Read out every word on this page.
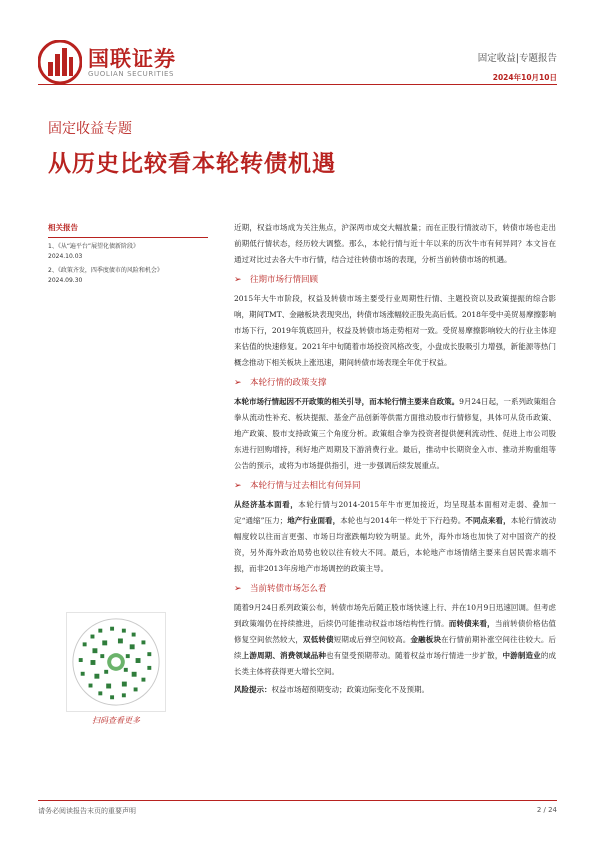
国联证券
GUOLIAN SECURITIES
固定收益|专题报告
2024年10月10日
固定收益专题
从历史比较看本轮转债机遇
相关报告
1、《从“遍平台”展望化债新阶段》
2024.10.03
2、《政策齐发，四季度债市的风险和机会》
2024.09.30
扫码查看更多

近期，权益市场成为关注焦点，沪深两市成交大幅放量；而在正股行情波动下，转债市场也走出前期低行情状态，经历较大调整。那么，本轮行情与近十年以来的历次牛市有何异同？本文旨在通过对比过去各大牛市行情，结合过往转债市场的表现，分析当前转债市场的机遇。

➢ 往期市场行情回顾

2015年大牛市阶段，权益及转债市场主要受行业周期性行情、主题投资以及政策提振的综合影响，期间TMT、金融板块表现突出，转债市场涨幅较正股先高后低。2018年受中美贸易摩擦影响市场下行，2019年筑底回升，权益及转债市场走势相对一致。受贸易摩擦影响较大的行业主体迎来估值的快速修复。2021年中旬随着市场投资风格改变，小盘成长股吸引力增强，新能源等热门概念推动下相关板块上涨迅速，期间转债市场表现全年优于权益。

➢ 本轮行情的政策支撑

本轮市场行情起因不开政策的相关引导，而本轮行情主要来自政策。9月24日起，一系列政策组合拳从流动性补充、板块提振、基金产品创新等供需方面推动股市行情修复，具体可从货币政策、地产政策、股市支持政策三个角度分析。政策组合拳为投资者提供便利流动性、促进上市公司股东进行回购增持，利好地产周期及下游消费行业。最后，推动中长期资金入市、推动并购重组等公告的预示，或将为市场提供指引，进一步强调后续发展重点。

➢ 本轮行情与过去相比有何异同

从经济基本面看，本轮行情与2014-2015年牛市更加接近，均呈现基本面相对走弱、叠加一定“通缩”压力；地产行业面看，本轮也与2014年一样处于下行趋势。不同点来看，本轮行情波动幅度较以往而言更强、市场日均涨跌幅均较为明显。此外，海外市场也加快了对中国资产的投资，另外海外政治局势也较以往有较大不同。最后，本轮地产市场情绪主要来自居民需求端不振，而非2013年房地产市场调控的政策主导。

➢ 当前转债市场怎么看

随着9月24日系列政策公布，转债市场先后随正股市场快速上行、并在10月9日迅速回调。但考虑到政策端仍在持续推进，后续仍可能推动权益市场结构性行情。而转债来看，当前转债价格估值修复空间依然较大，双低转债短期或后弹空间较高。金融板块在行情前期补涨空间往往较大。后续上游周期、消费领域品种也有望受预期带动。随着权益市场行情进一步扩散，中游制造业的成长类主体将获得更大增长空间。

风险提示：权益市场超预期变动；政策边际变化不及预期。

请务必阅读报告末页的重要声明	2 / 24
